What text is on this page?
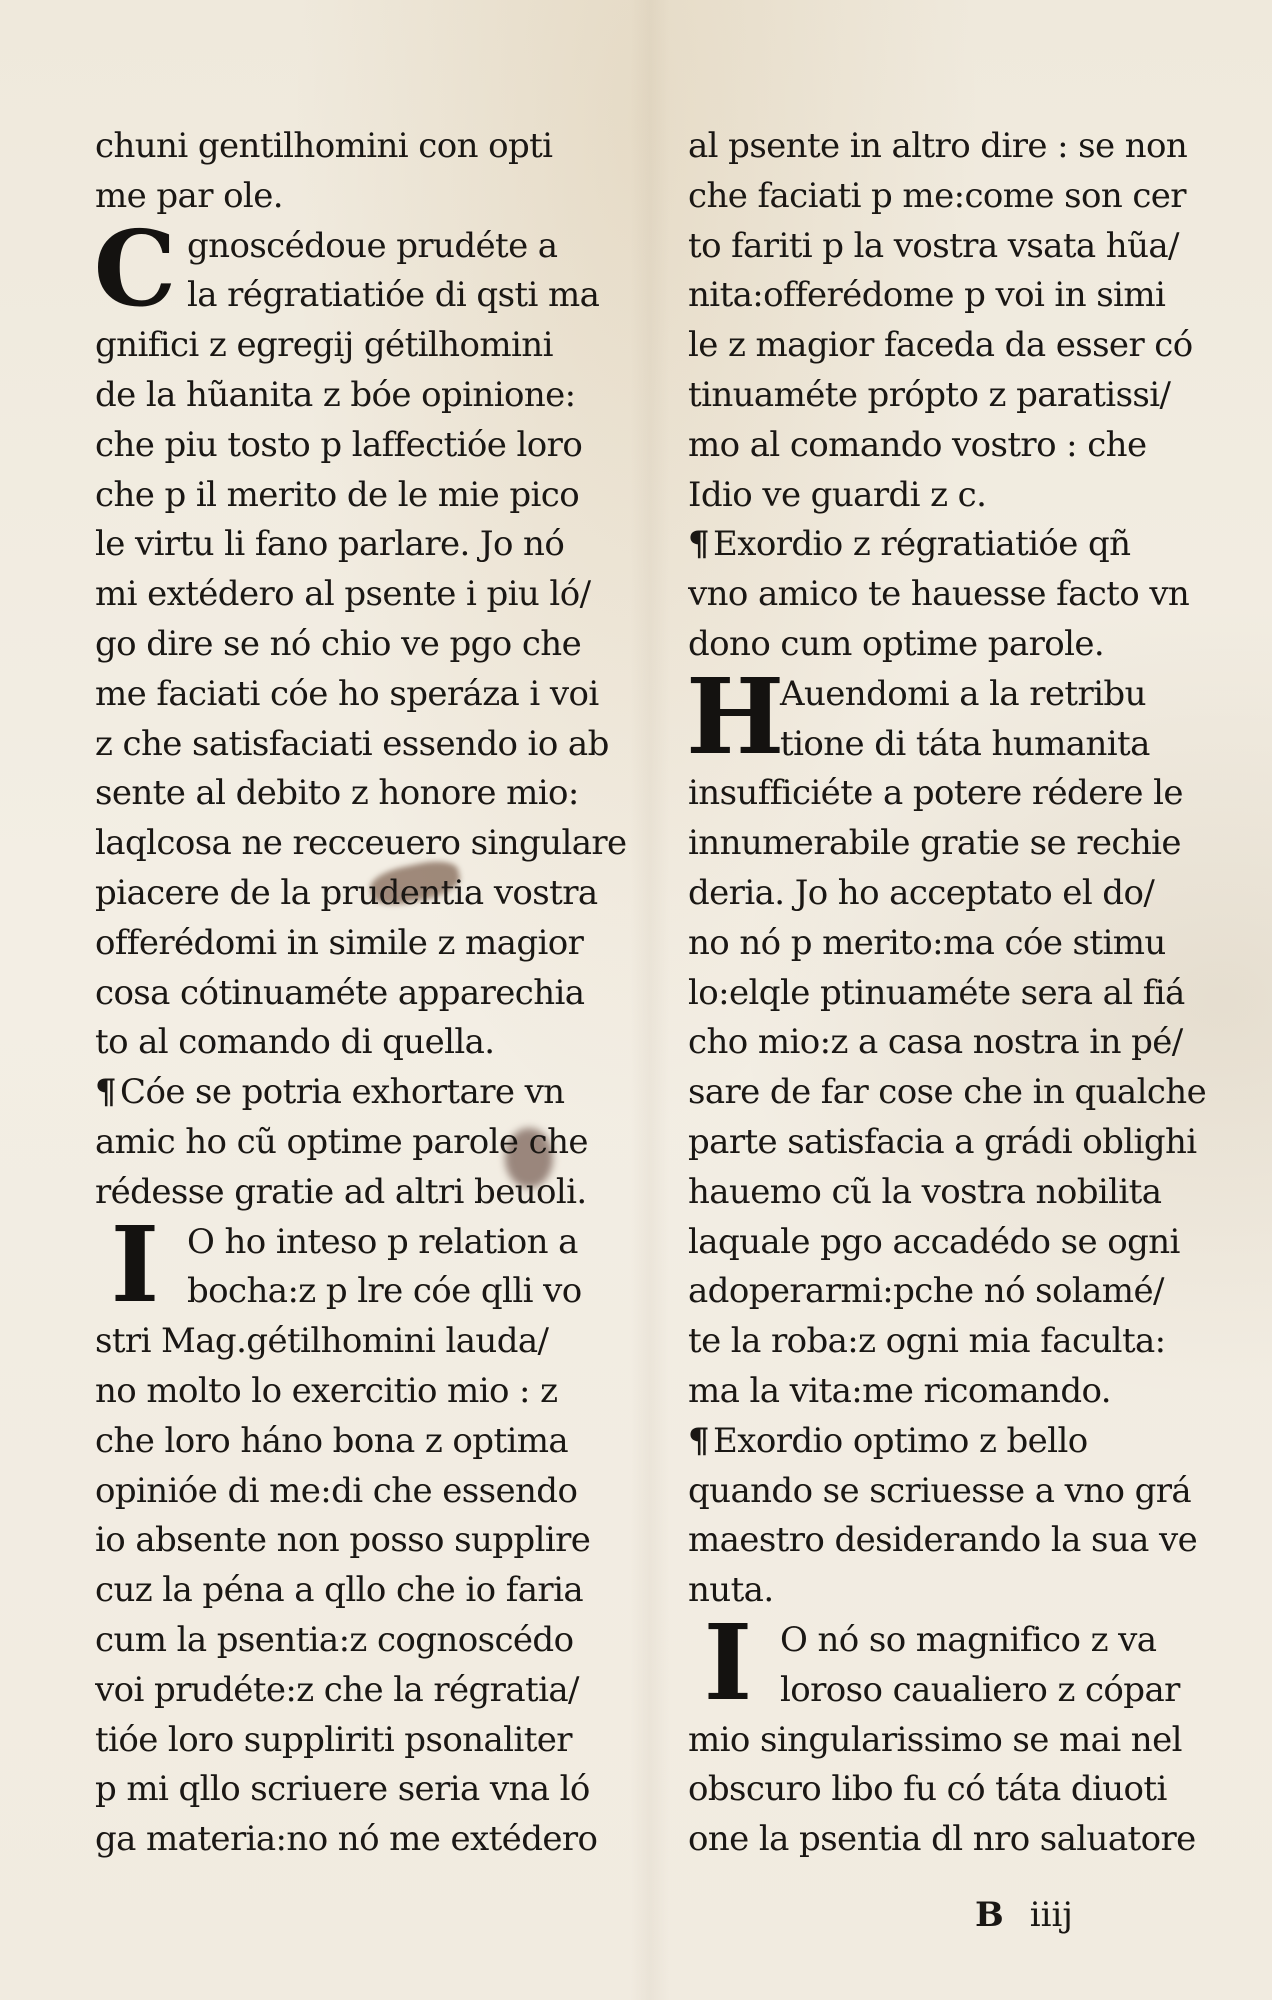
chuni gentilhomini con opti
me par ole.
C gnoscédoue prudéte a
la régratiatióe di qsti ma
gnifici z egregij gétilhomini
de la hũanita z bóe opinione:
che piu tosto p laffectióe loro
che p il merito de le mie pico
le virtu li fano parlare. Jo nó
mi extédero al psente i piu ló/
go dire se nó chio ve pgo che
me faciati cóe ho speráza i voi
z che satisfaciati essendo io ab
sente al debito z honore mio:
laqlcosa ne recceuero singulare
piacere de la prudentia vostra
offerédomi in simile z magior
cosa cótinuaméte apparechia
to al comando di quella.
¶ Cóe se potria exhortare vn
amic ho cũ optime parole che
rédesse gratie ad altri beuoli.
I O ho inteso p relation a
bocha:z p lre cóe qlli vo
stri Mag.gétilhomini lauda/
no molto lo exercitio mio : z
che loro háno bona z optima
opinióe di me:di che essendo
io absente non posso supplire
cuz la péna a qllo che io faria
cum la psentia:z cognoscédo
voi prudéte:z che la régratia/
tióe loro suppliriti psonaliter
p mi qllo scriuere seria vna ló
ga materia:no nó me extédero
al psente in altro dire : se non
che faciati p me:come son cer
to fariti p la vostra vsata hũa/
nita:offerédome p voi in simi
le z magior faceda da esser có
tinuaméte própto z paratissi/
mo al comando vostro : che
Idio ve guardi z c.
¶ Exordio z régratiatióe qñ
vno amico te hauesse facto vn
dono cum optime parole.
H
Auendomi a la retribu
tione di táta humanita
insufficiéte a potere rédere le
innumerabile gratie se rechie
deria. Jo ho acceptato el do/
no nó p merito:ma cóe stimu
lo:elqle ptinuaméte sera al fiá
cho mio:z a casa nostra in pé/
sare de far cose che in qualche
parte satisfacia a grádi oblighi
hauemo cũ la vostra nobilita
laquale pgo accadédo se ogni
adoperarmi:pche nó solamé/
te la roba:z ogni mia faculta:
ma la vita:me ricomando.
¶ Exordio optimo z bello
quando se scriuesse a vno grá
maestro desiderando la sua ve
nuta.
I O nó so magnifico z va
loroso caualiero z cópar
mio singularissimo se mai nel
obscuro libo fu có táta diuoti
one la psentia dl nro saluatore
B iiij
